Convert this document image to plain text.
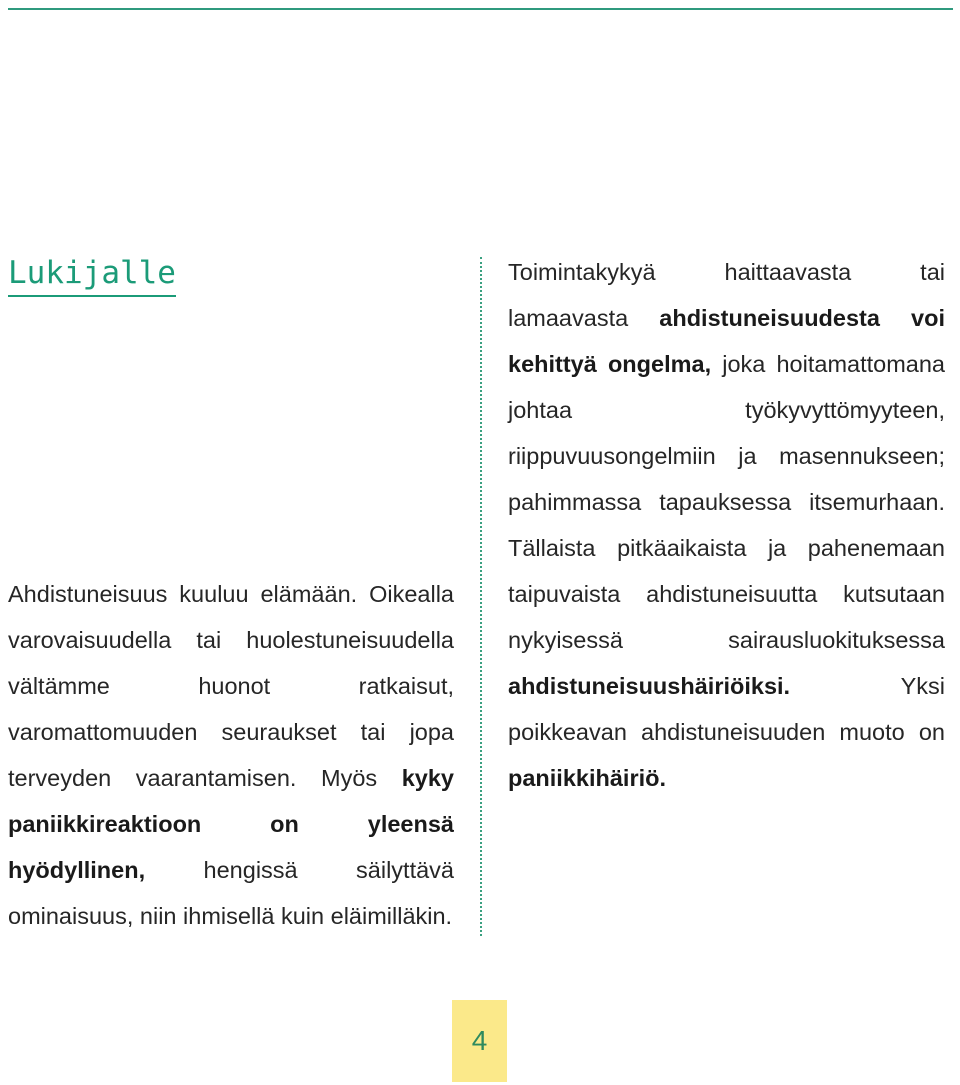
Lukijalle

Ahdistuneisuus kuuluu elämään. Oikealla varovaisuudella tai huolestuneisuudella vältämme huonot ratkaisut, varomattomuuden seuraukset tai jopa terveyden vaarantamisen. Myös kyky paniikkireaktioon on yleensä hyödyllinen, hengissä säilyttävä ominaisuus, niin ihmisellä kuin eläimilläkin.

Toimintakykyä haittaavasta tai lamaavasta ahdistuneisuudesta voi kehittyä ongelma, joka hoitamattomana johtaa työkyvyttömyyteen, riippuvuusongelmiin ja masennukseen; pahimmassa tapauksessa itsemurhaan. Tällaista pitkäaikaista ja pahenemaan taipuvaista ahdistuneisuutta kutsutaan nykyisessä sairausluokituksessa ahdistuneisuushäiriöiksi. Yksi poikkeavan ahdistuneisuuden muoto on paniikkihäiriö.

4
